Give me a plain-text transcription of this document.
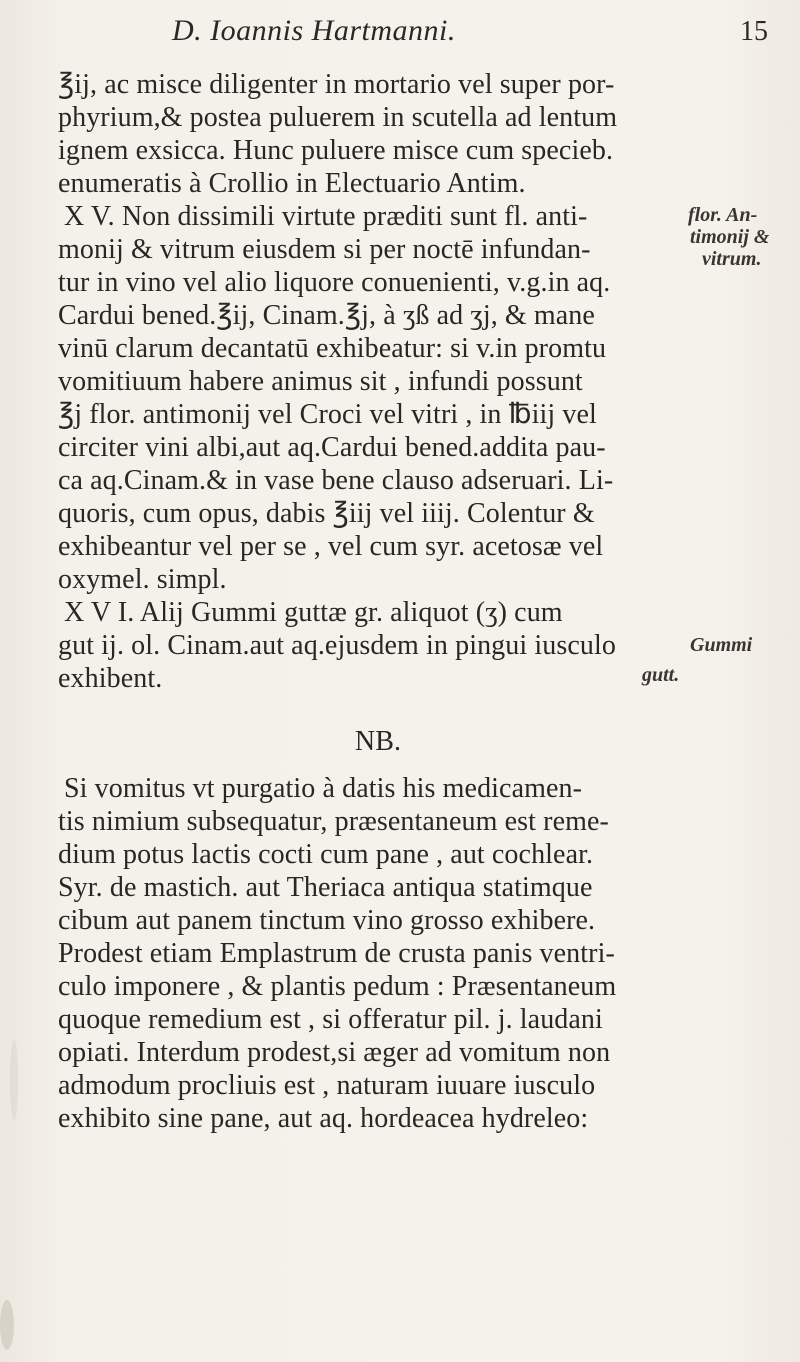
D. Ioannis Hartmanni.	15
℥ij, ac misce diligenter in mortario vel super por-
phyrium,& postea puluerem in scutella ad lentum
ignem exsicca. Hunc puluere misce cum specieb.
enumeratis à Crollio in Electuario Antim.
X V. Non dissimili virtute præditi sunt fl. anti-
monij & vitrum eiusdem si per noctē infundan-
tur in vino vel alio liquore conuenienti, v.g.in aq.
Cardui bened.℥ij, Cinam.℥j, à ʒß ad ʒj, & mane
vinū clarum decantatū exhibeatur: si v.in promtu
vomitiuum habere animus sit , infundi possunt
℥j flor. antimonij vel Croci vel vitri , in ℔iij vel
circiter vini albi,aut aq.Cardui bened.addita pau-
ca aq.Cinam.& in vase bene clauso adseruari. Li-
quoris, cum opus, dabis ℥iij vel iiij. Colentur &
exhibeantur vel per se , vel cum syr. acetosæ vel
oxymel. simpl.
X V I. Alij Gummi guttæ gr. aliquot (ʒ) cum
gut ij. ol. Cinam.aut aq.ejusdem in pingui iusculo
exhibent.
NB.
Si vomitus vt purgatio à datis his medicamen-
tis nimium subsequatur, præsentaneum est reme-
dium potus lactis cocti cum pane , aut cochlear.
Syr. de mastich. aut Theriaca antiqua statimque
cibum aut panem tinctum vino grosso exhibere.
Prodest etiam Emplastrum de crusta panis ventri-
culo imponere , & plantis pedum : Præsentaneum
quoque remedium est , si offeratur pil. j. laudani
opiati. Interdum prodest,si æger ad vomitum non
admodum procliuis est , naturam iuuare iusculo
exhibito sine pane, aut aq. hordeacea hydreleo:
flor. An-
timonij &
vitrum.
Gummi
gutt.
